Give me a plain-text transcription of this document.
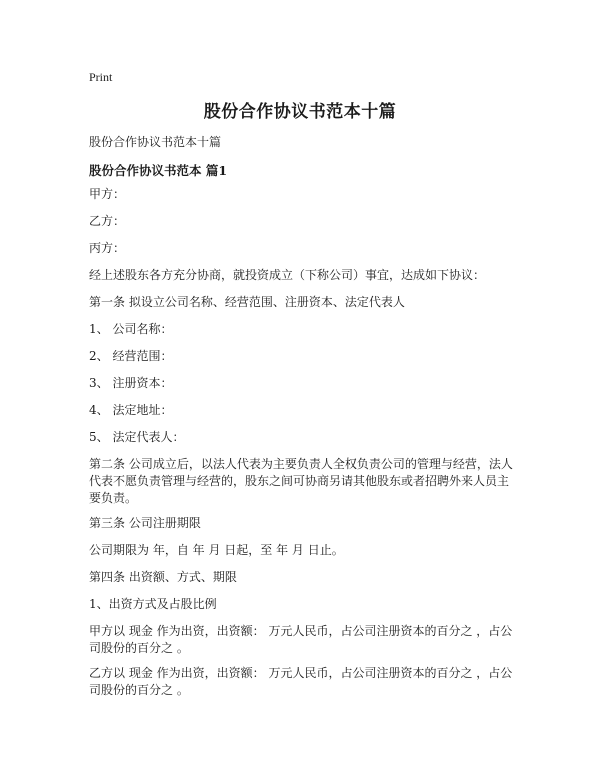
Print
股份合作协议书范本十篇
股份合作协议书范本十篇
股份合作协议书范本 篇1

甲方：

乙方：

丙方：

经上述股东各方充分协商，就投资成立（下称公司）事宜，达成如下协议：

第一条 拟设立公司名称、经营范围、注册资本、法定代表人

1、 公司名称：

2、 经营范围：

3、 注册资本：

4、 法定地址：

5、 法定代表人：

第二条 公司成立后，以法人代表为主要负责人全权负责公司的管理与经营，法人代表不愿负责管理与经营的，股东之间可协商另请其他股东或者招聘外来人员主要负责。

第三条 公司注册期限

公司期限为 年，自 年 月 日起，至 年 月 日止。

第四条 出资额、方式、期限

1、出资方式及占股比例

甲方以 现金 作为出资，出资额： 万元人民币，占公司注册资本的百分之 ，占公司股份的百分之 。

乙方以 现金 作为出资，出资额： 万元人民币，占公司注册资本的百分之 ，占公司股份的百分之 。
